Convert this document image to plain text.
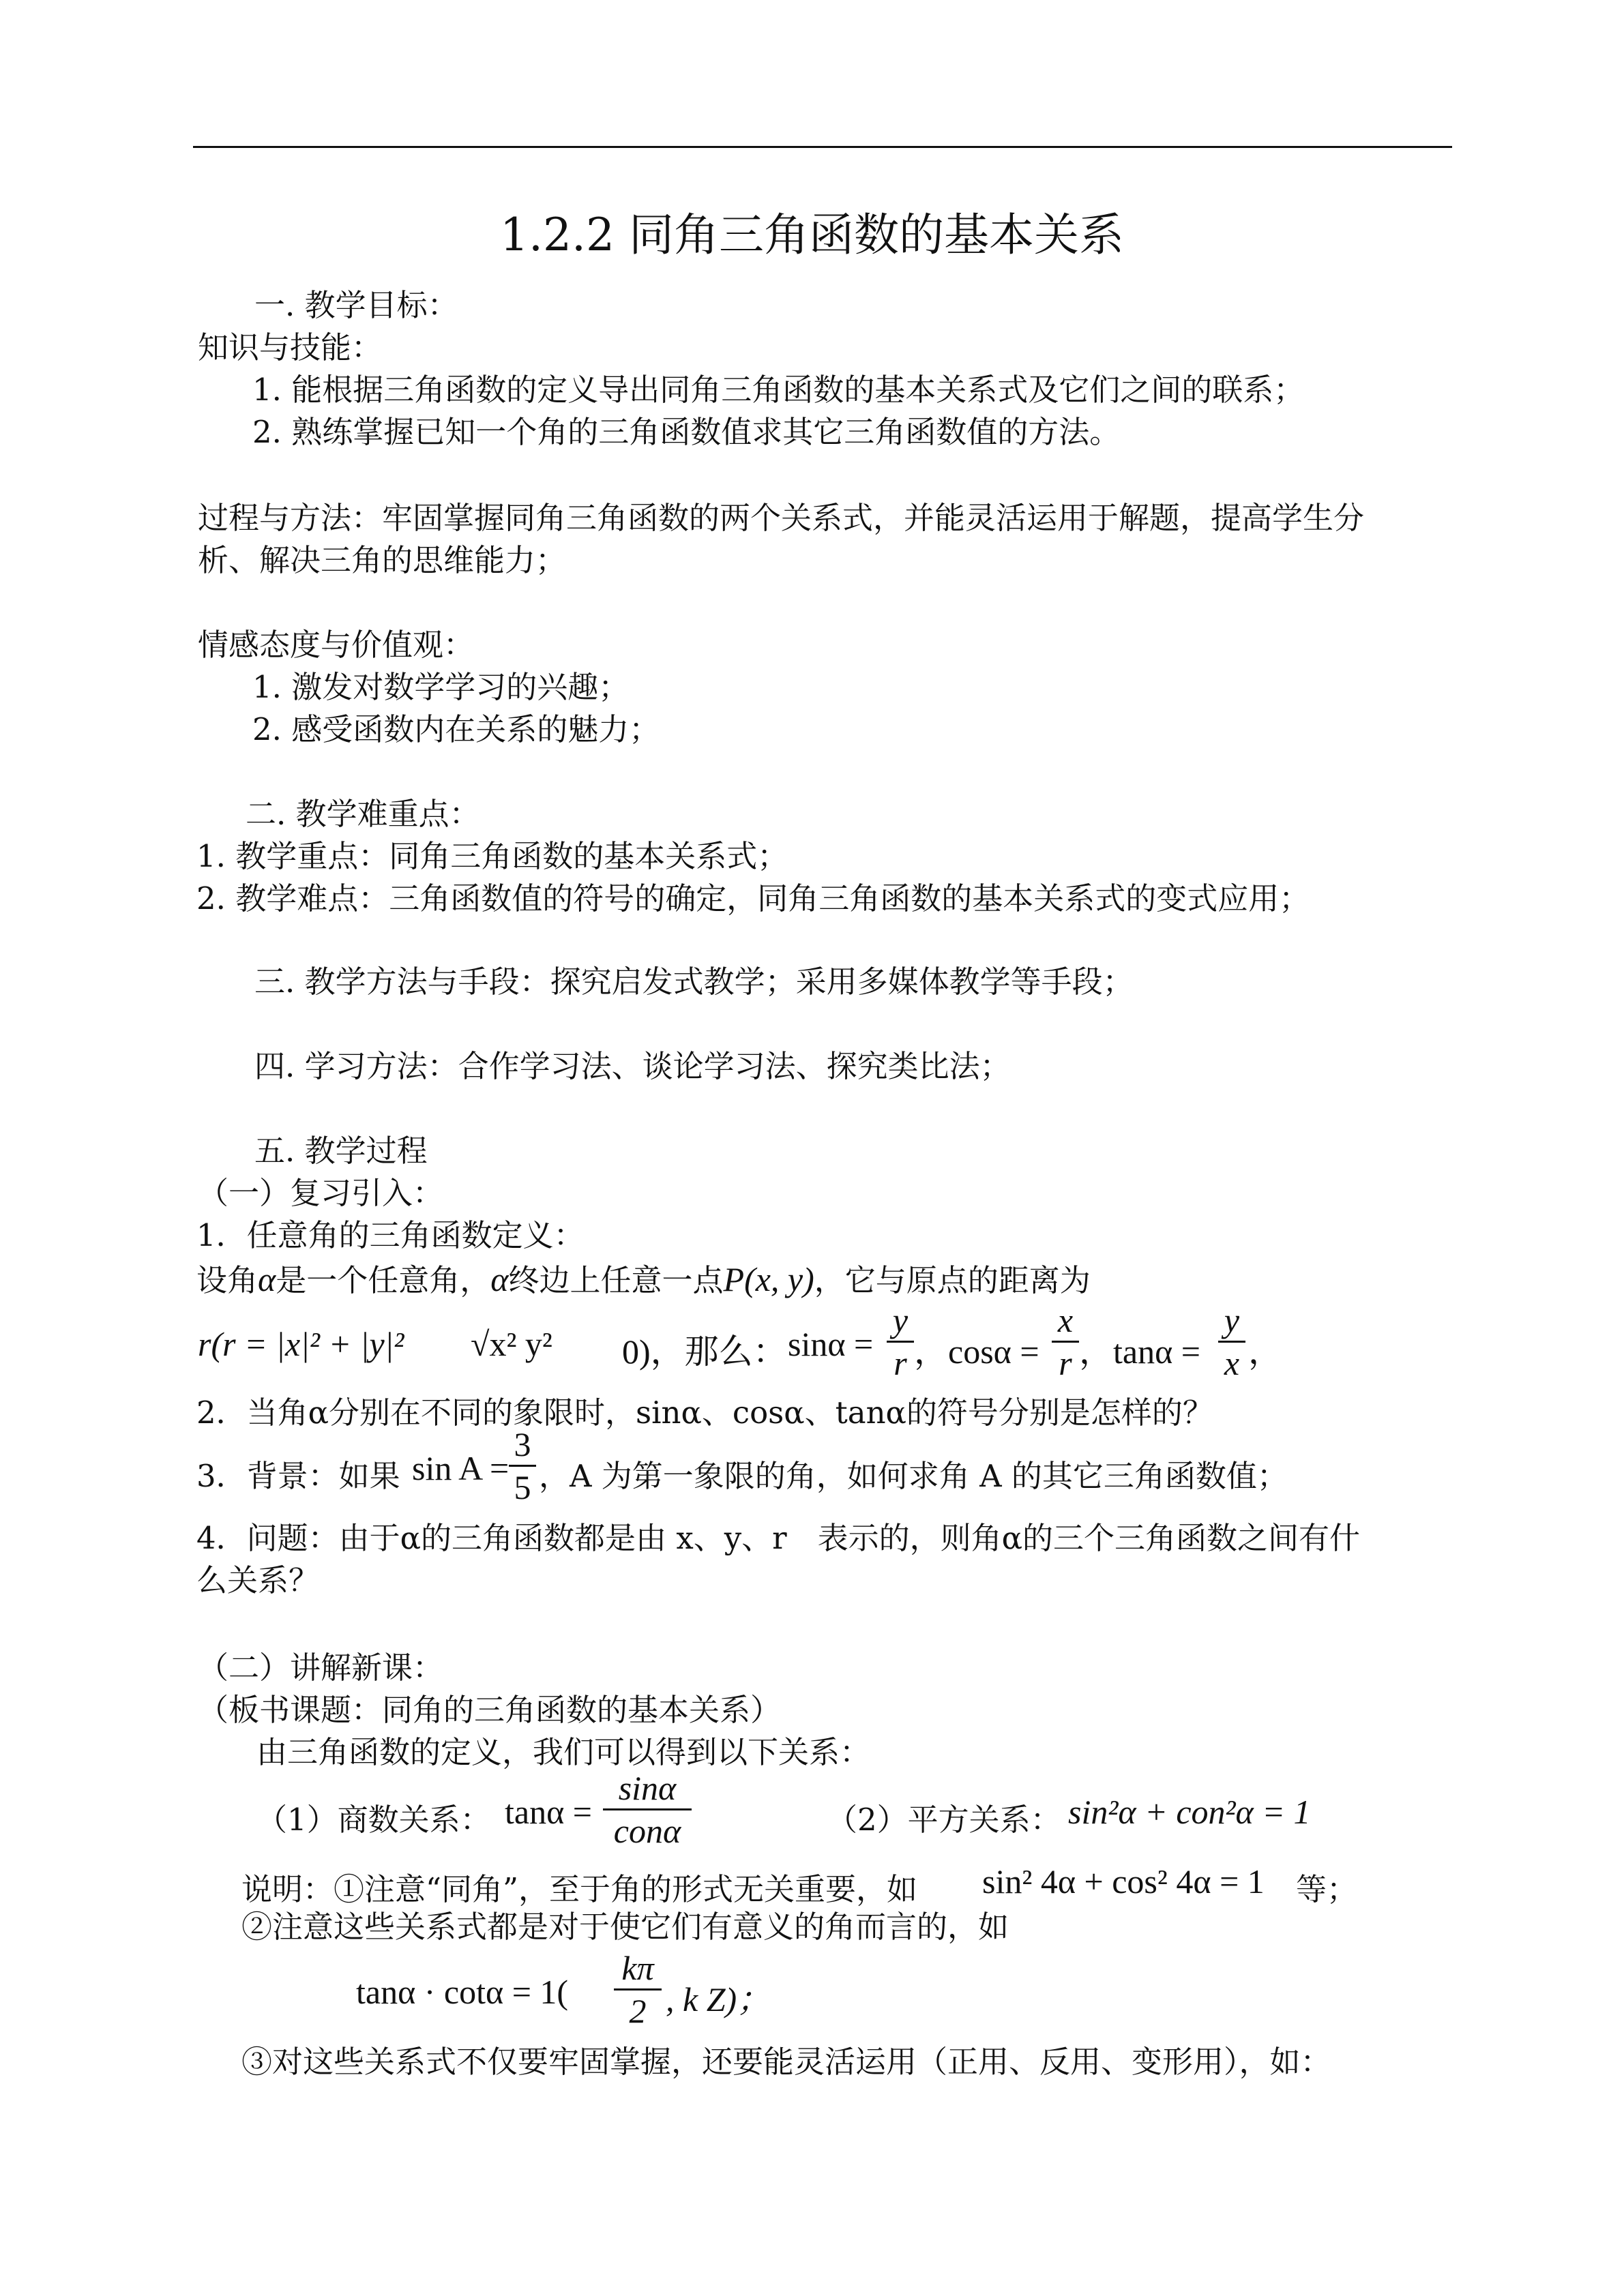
1.2.2 同角三角函数的基本关系
一. 教学目标：
知识与技能：
1. 能根据三角函数的定义导出同角三角函数的基本关系式及它们之间的联系；
2. 熟练掌握已知一个角的三角函数值求其它三角函数值的方法。
过程与方法：牢固掌握同角三角函数的两个关系式，并能灵活运用于解题，提高学生分
析、解决三角的思维能力；
情感态度与价值观：
1. 激发对数学学习的兴趣；
2. 感受函数内在关系的魅力；
二. 教学难重点：
1. 教学重点：同角三角函数的基本关系式；
2. 教学难点：三角函数值的符号的确定，同角三角函数的基本关系式的变式应用；
三. 教学方法与手段：探究启发式教学；采用多媒体教学等手段；
四. 学习方法：合作学习法、谈论学习法、探究类比法；
五. 教学过程
（一）复习引入：
1．任意角的三角函数定义：
设角α是一个任意角，α终边上任意一点P(x, y)，它与原点的距离为
r(r = |x|² + |y|² √x² y² 0)，那么： sinα =
y
r ，cosα =
x
r ，tanα =
y
x ，
2．当角α分别在不同的象限时，sinα、cosα、tanα的符号分别是怎样的？
3．背景：如果 sin A =
3
5 ，A 为第一象限的角，如何求角 A 的其它三角函数值；
4．问题：由于α的三角函数都是由 x、y、r　表示的，则角α的三个三角函数之间有什
么关系？
（二）讲解新课：
（板书课题：同角的三角函数的基本关系）
由三角函数的定义，我们可以得到以下关系：
（1）商数关系： tanα =
sinα
conα	（2）平方关系： sin²α + con²α = 1
说明：①注意“同角”，至于角的形式无关重要，如 sin² 4α + cos² 4α = 1 等；
②注意这些关系式都是对于使它们有意义的角而言的，如
tanα · cotα = 1(
kπ
2 , k Z)；
③对这些关系式不仅要牢固掌握，还要能灵活运用（正用、反用、变形用），如：
